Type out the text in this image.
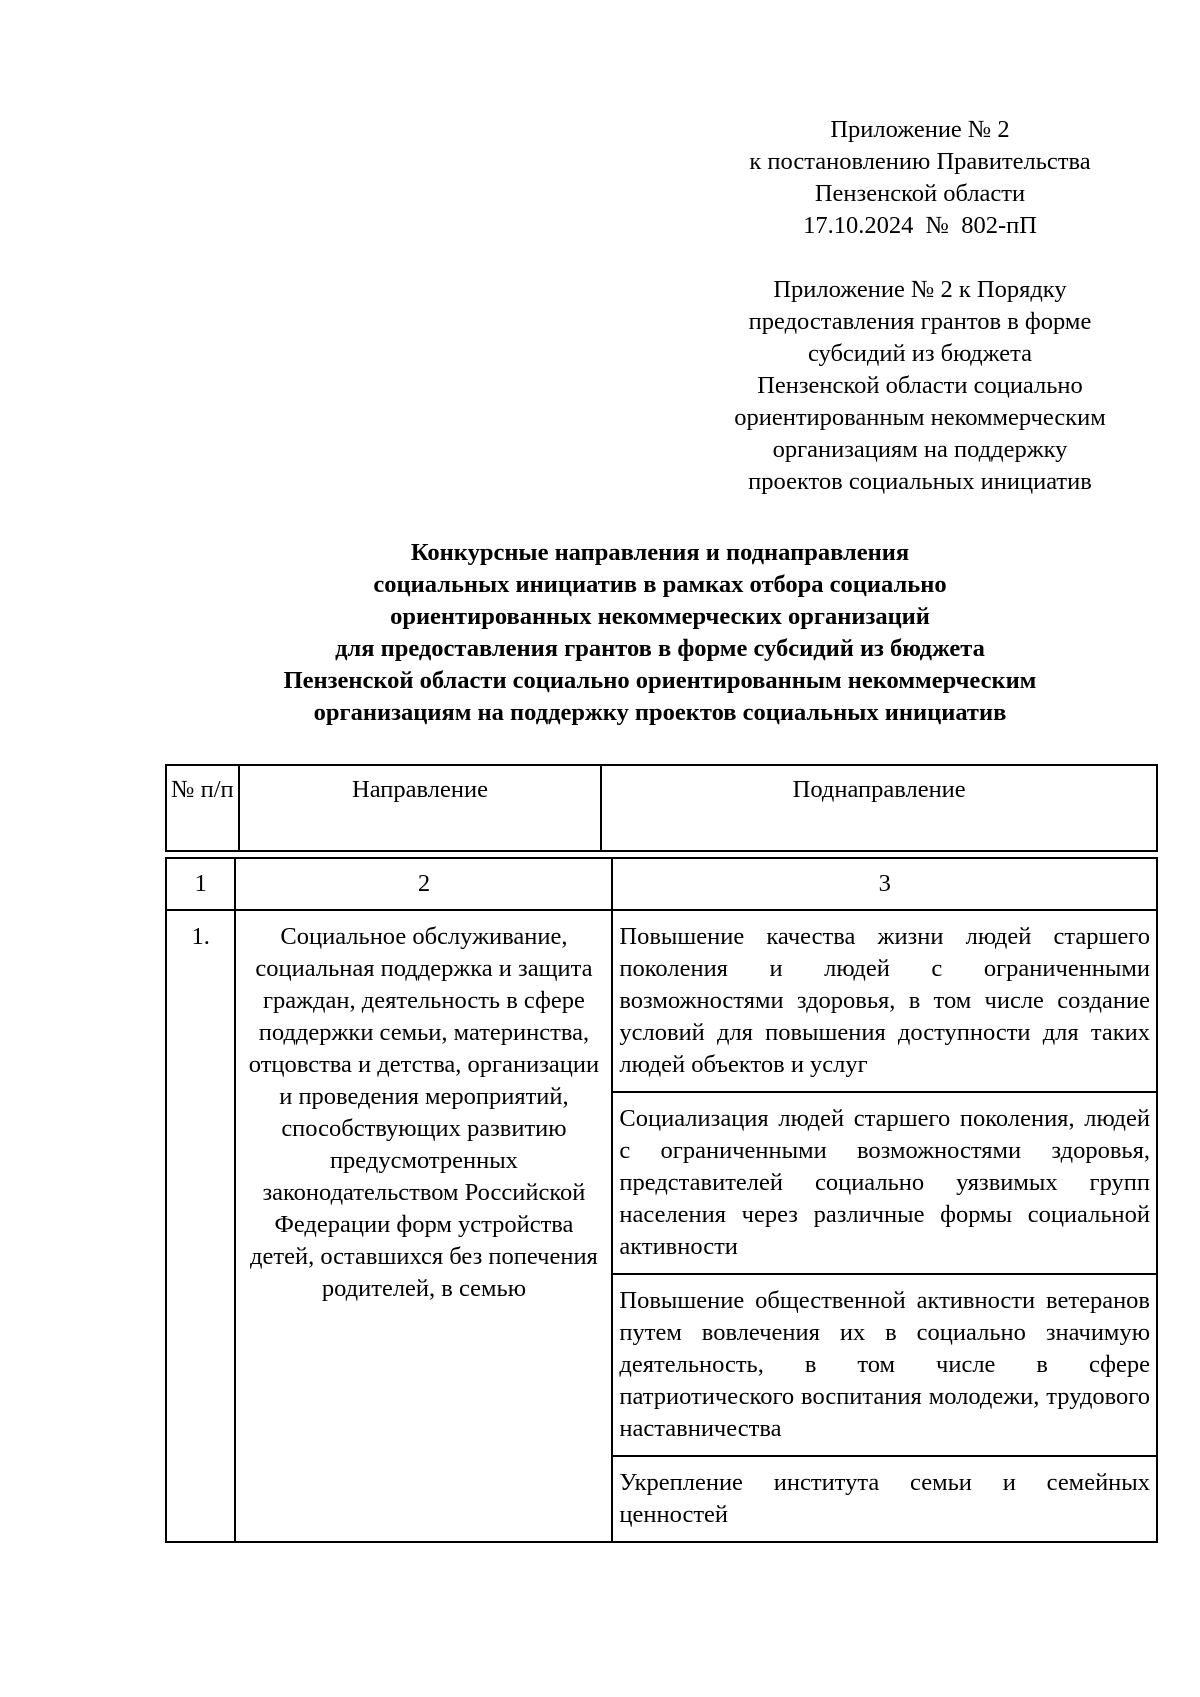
Приложение № 2
к постановлению Правительства
Пензенской области
17.10.2024  №  802-пП
Приложение № 2 к Порядку
предоставления грантов в форме
субсидий из бюджета
Пензенской области социально
ориентированным некоммерческим
организациям на поддержку
проектов социальных инициатив
Конкурсные направления и поднаправления
социальных инициатив в рамках отбора социально
ориентированных некоммерческих организаций
для предоставления грантов в форме субсидий из бюджета
Пензенской области социально ориентированным некоммерческим
организациям на поддержку проектов социальных инициатив
№ п/п	Направление	Поднаправление
1	2	3
1.	Социальное обслуживание, социальная поддержка и защита граждан, деятельность в сфере поддержки семьи, материнства, отцовства и детства, организации и проведения мероприятий, способствующих развитию предусмотренных законодательством Российской Федерации форм устройства детей, оставшихся без попечения родителей, в семью	Повышение качества жизни людей старшего поколения и людей с ограниченными возможностями здоровья, в том числе создание условий для повышения доступности для таких людей объектов и услуг
		Социализация людей старшего поколения, людей с ограниченными возможностями здоровья, представителей социально уязвимых групп населения через различные формы социальной активности
		Повышение общественной активности ветеранов путем вовлечения их в социально значимую деятельность, в том числе в сфере патриотического воспитания молодежи, трудового наставничества
		Укрепление института семьи и семейных ценностей
